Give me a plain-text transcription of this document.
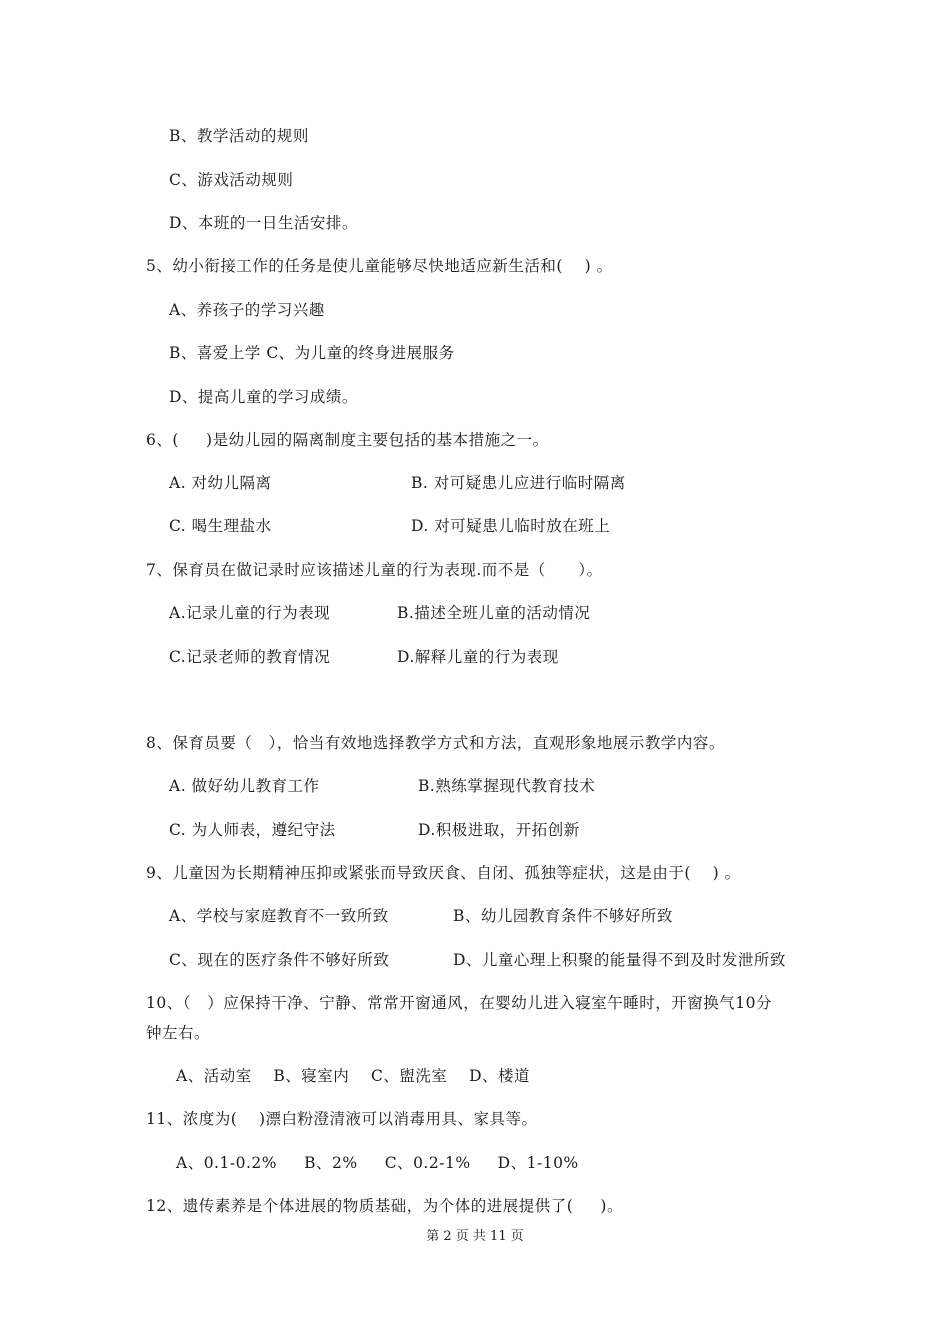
B、教学活动的规则
C、游戏活动规则
D、本班的一日生活安排。
5、幼小衔接工作的任务是使儿童能够尽快地适应新生活和(    ) 。
A、养孩子的学习兴趣
B、喜爱上学 C、为儿童的终身进展服务
D、提高儿童的学习成绩。
6、(     )是幼儿园的隔离制度主要包括的基本措施之一。
A. 对幼儿隔离	B. 对可疑患儿应进行临时隔离
C. 喝生理盐水	D. 对可疑患儿临时放在班上
7、保育员在做记录时应该描述儿童的行为表现.而不是（      ）。
A.记录儿童的行为表现	B.描述全班儿童的活动情况
C.记录老师的教育情况	D.解释儿童的行为表现
8、保育员要（   ），恰当有效地选择教学方式和方法，直观形象地展示教学内容。
A. 做好幼儿教育工作	B.熟练掌握现代教育技术
C. 为人师表，遵纪守法	D.积极进取，开拓创新
9、儿童因为长期精神压抑或紧张而导致厌食、自闭、孤独等症状，这是由于(    ) 。
A、学校与家庭教育不一致所致	B、幼儿园教育条件不够好所致
C、现在的医疗条件不够好所致	D、儿童心理上积聚的能量得不到及时发泄所致
10、（   ）应保持干净、宁静、常常开窗通风，在婴幼儿进入寝室午睡时，开窗换气10分
钟左右。
A、活动室    B、寝室内    C、盥洗室    D、楼道
11、浓度为(    )漂白粉澄清液可以消毒用具、家具等。
A、0.1-0.2%     B、2%     C、0.2-1%     D、1-10%
12、遗传素养是个体进展的物质基础，为个体的进展提供了(     )。
第 2 页 共 11 页
